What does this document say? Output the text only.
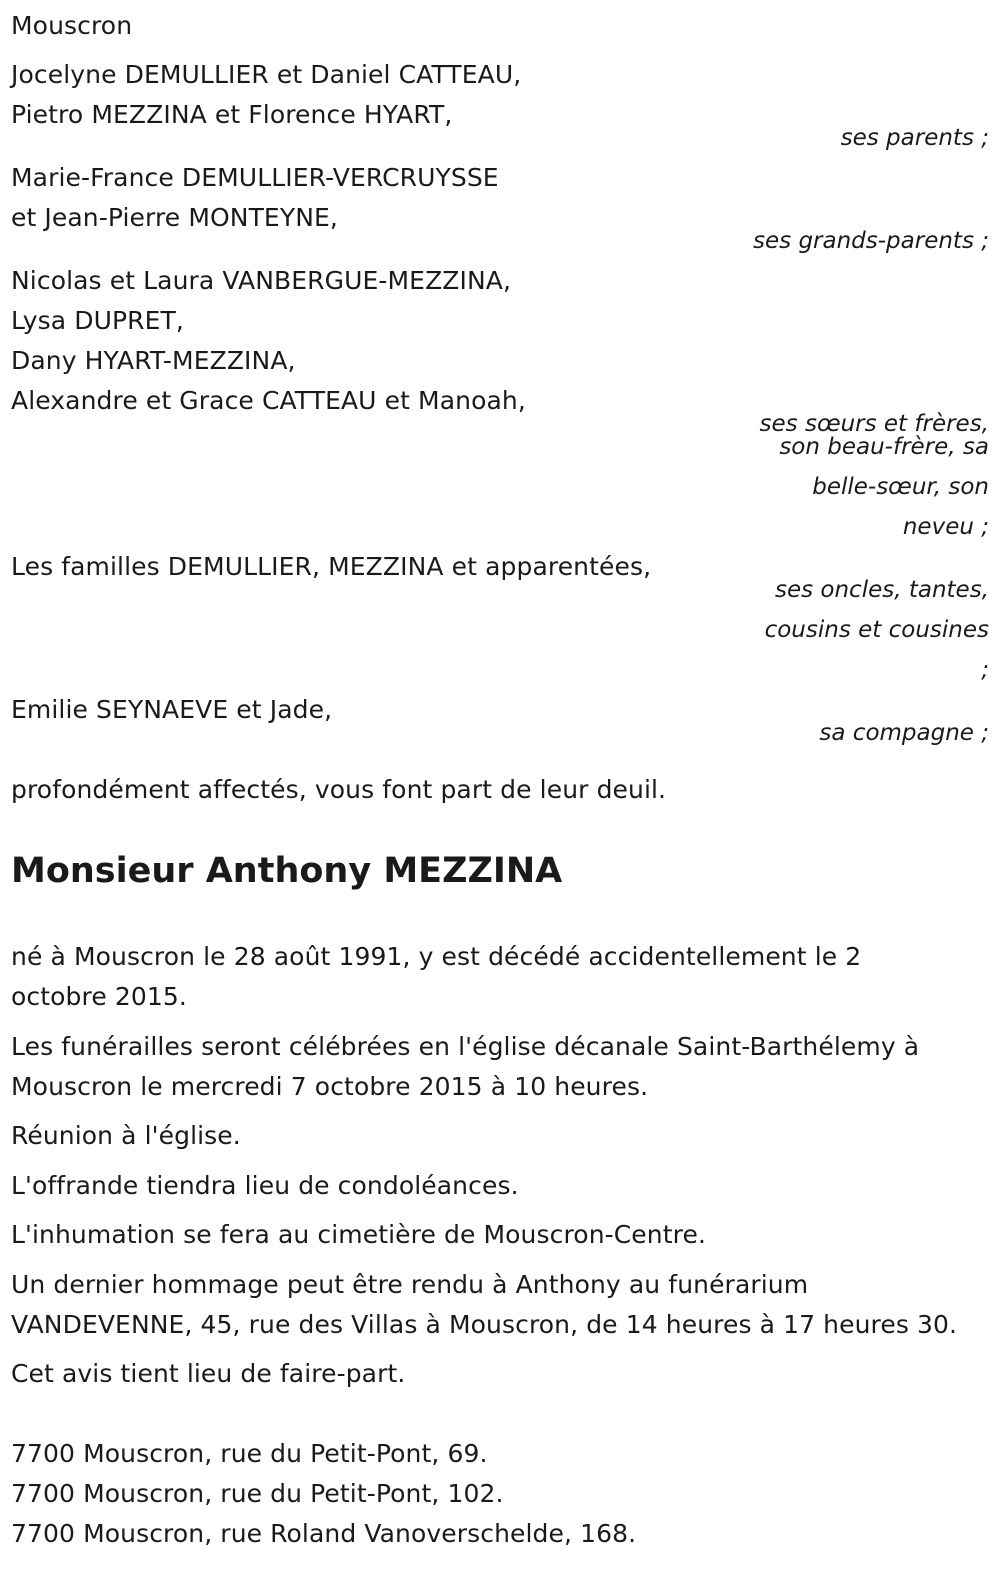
Mouscron
Jocelyne DEMULLIER et Daniel CATTEAU,
Pietro MEZZINA et Florence HYART,
ses parents ;
Marie-France DEMULLIER-VERCRUYSSE
et Jean-Pierre MONTEYNE,
ses grands-parents ;
Nicolas et Laura VANBERGUE-MEZZINA,
Lysa DUPRET,
Dany HYART-MEZZINA,
Alexandre et Grace CATTEAU et Manoah,
ses sœurs et frères,
son beau-frère, sa
belle-sœur, son
neveu ;
Les familles DEMULLIER, MEZZINA et apparentées,
ses oncles, tantes,
cousins et cousines
;
Emilie SEYNAEVE et Jade,
sa compagne ;
profondément affectés, vous font part de leur deuil.
Monsieur Anthony MEZZINA
né à Mouscron le 28 août 1991, y est décédé accidentellement le 2
octobre 2015.
Les funérailles seront célébrées en l'église décanale Saint-Barthélemy à
Mouscron le mercredi 7 octobre 2015 à 10 heures.
Réunion à l'église.
L'offrande tiendra lieu de condoléances.
L'inhumation se fera au cimetière de Mouscron-Centre.
Un dernier hommage peut être rendu à Anthony au funérarium
VANDEVENNE, 45, rue des Villas à Mouscron, de 14 heures à 17 heures 30.
Cet avis tient lieu de faire-part.
7700 Mouscron, rue du Petit-Pont, 69.
7700 Mouscron, rue du Petit-Pont, 102.
7700 Mouscron, rue Roland Vanoverschelde, 168.
